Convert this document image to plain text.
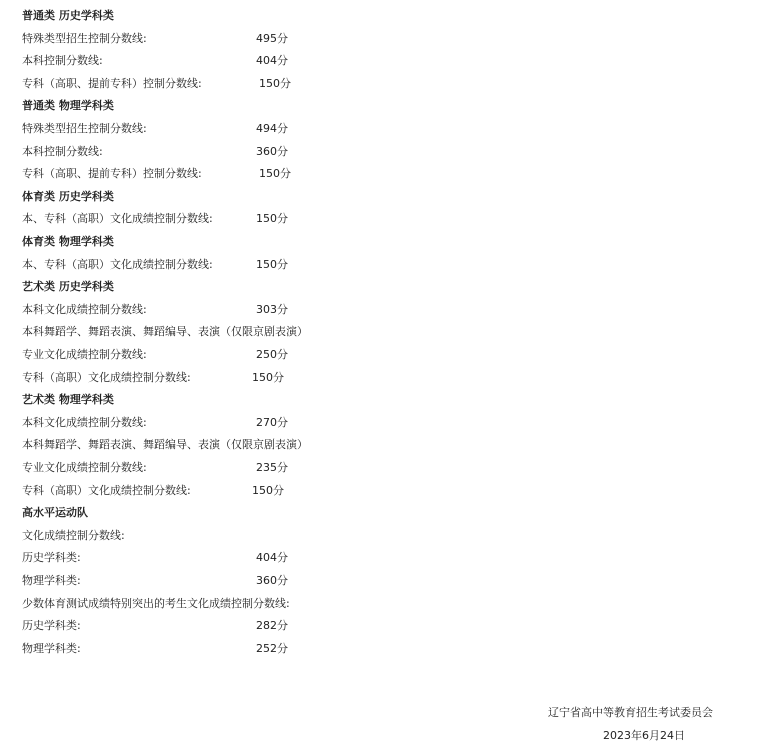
普通类 历史学科类
特殊类型招生控制分数线:	495分
本科控制分数线:	404分
专科（高职、提前专科）控制分数线:	150分
普通类 物理学科类
特殊类型招生控制分数线:	494分
本科控制分数线:	360分
专科（高职、提前专科）控制分数线:	150分
体育类 历史学科类
本、专科（高职）文化成绩控制分数线:	150分
体育类 物理学科类
本、专科（高职）文化成绩控制分数线:	150分
艺术类 历史学科类
本科文化成绩控制分数线:	303分
本科舞蹈学、舞蹈表演、舞蹈编导、表演（仅限京剧表演）
专业文化成绩控制分数线:	250分
专科（高职）文化成绩控制分数线:	150分
艺术类 物理学科类
本科文化成绩控制分数线:	270分
本科舞蹈学、舞蹈表演、舞蹈编导、表演（仅限京剧表演）
专业文化成绩控制分数线:	235分
专科（高职）文化成绩控制分数线:	150分
高水平运动队
文化成绩控制分数线:
历史学科类:	404分
物理学科类:	360分
少数体育测试成绩特别突出的考生文化成绩控制分数线:
历史学科类:	282分
物理学科类:	252分
辽宁省高中等教育招生考试委员会
2023年6月24日
